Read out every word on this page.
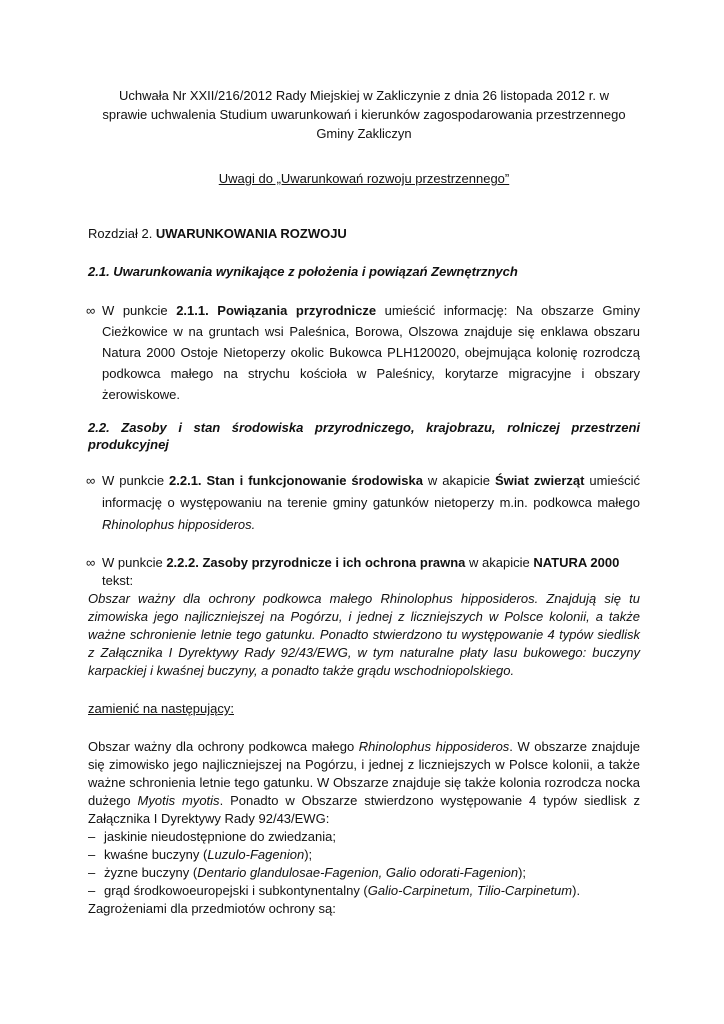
Uchwała Nr XXII/216/2012 Rady Miejskiej w Zakliczynie z dnia 26 listopada 2012 r. w

sprawie uchwalenia Studium uwarunkowań i kierunków zagospodarowania przestrzennego

Gminy Zakliczyn

Uwagi do „Uwarunkowań rozwoju przestrzennego”

Rozdział 2. UWARUNKOWANIA ROZWOJU

2.1. Uwarunkowania wynikające z położenia i powiązań Zewnętrznych

∞ W punkcie 2.1.1. Powiązania przyrodnicze umieścić informację: Na obszarze Gminy Cieżkowice w na gruntach wsi Paleśnica, Borowa, Olszowa znajduje się enklawa obszaru Natura 2000 Ostoje Nietoperzy okolic Bukowca PLH120020, obejmująca kolonię rozrodczą podkowca małego na strychu kościoła w Paleśnicy, korytarze migracyjne i obszary żerowiskowe.

2.2. Zasoby i stan środowiska przyrodniczego, krajobrazu, rolniczej przestrzeni

produkcyjnej

∞ W punkcie 2.2.1. Stan i funkcjonowanie środowiska w akapicie Świat zwierząt umieścić informację o występowaniu na terenie gminy gatunków nietoperzy m.in. podkowca małego Rhinolophus hipposideros.
∞ W punkcie 2.2.2. Zasoby przyrodnicze i ich ochrona prawna w akapicie NATURA 2000
tekst:

Obszar ważny dla ochrony podkowca małego Rhinolophus hipposideros. Znajdują się tu zimowiska jego najliczniejszej na Pogórzu, i jednej z liczniejszych w Polsce kolonii, a także ważne schronienie letnie tego gatunku. Ponadto stwierdzono tu występowanie 4 typów siedlisk z Załącznika I Dyrektywy Rady 92/43/EWG, w tym naturalne płaty lasu bukowego: buczyny karpackiej i kwaśnej buczyny, a ponadto także grądu wschodniopolskiego.

zamienić na następujący:

Obszar ważny dla ochrony podkowca małego Rhinolophus hipposideros. W obszarze znajduje się zimowisko jego najliczniejszej na Pogórzu, i jednej z liczniejszych w Polsce kolonii, a także ważne schronienia letnie tego gatunku. W Obszarze znajduje się także kolonia rozrodcza nocka dużego Myotis myotis. Ponadto w Obszarze stwierdzono występowanie 4 typów siedlisk z Załącznika I Dyrektywy Rady 92/43/EWG:

– jaskinie nieudostępnione do zwiedzania;

– kwaśne buczyny (Luzulo-Fagenion);

– żyzne buczyny (Dentario glandulosae-Fagenion, Galio odorati-Fagenion);

– grąd środkowoeuropejski i subkontynentalny (Galio-Carpinetum, Tilio-Carpinetum).

Zagrożeniami dla przedmiotów ochrony są:
